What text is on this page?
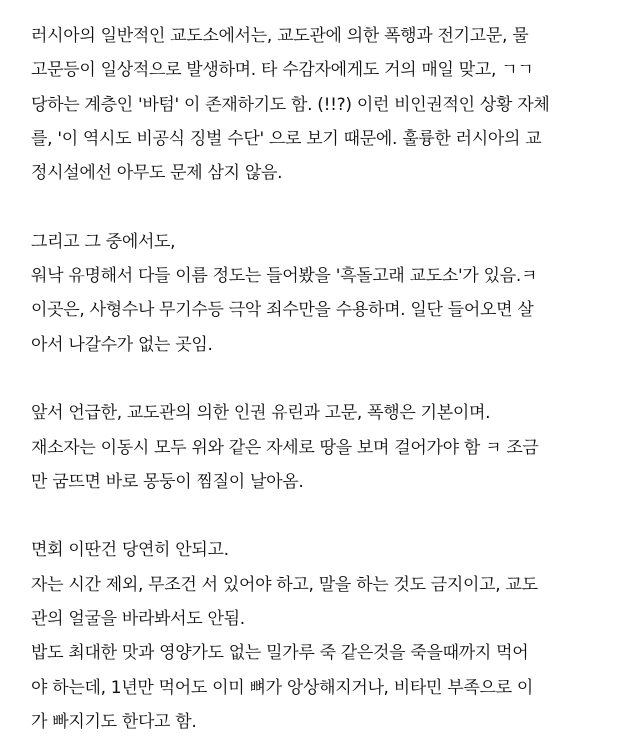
러시아의 일반적인 교도소에서는, 교도관에 의한 폭행과 전기고문, 물
고문등이 일상적으로 발생하며. 타 수감자에게도 거의 매일 맞고, ㄱㄱ
당하는 계층인 '바텀' 이 존재하기도 함. (!!?) 이런 비인권적인 상황 자체
를, '이 역시도 비공식 징벌 수단' 으로 보기 때문에. 훌륭한 러시아의 교
정시설에선 아무도 문제 삼지 않음.
그리고 그 중에서도,
워낙 유명해서 다들 이름 정도는 들어봤을 '흑돌고래 교도소'가 있음.ㅋ
이곳은, 사형수나 무기수등 극악 죄수만을 수용하며. 일단 들어오면 살
아서 나갈수가 없는 곳임.
앞서 언급한, 교도관의 의한 인권 유린과 고문, 폭행은 기본이며.
재소자는 이동시 모두 위와 같은 자세로 땅을 보며 걸어가야 함 ㅋ 조금
만 굼뜨면 바로 몽둥이 찜질이 날아옴.
면회 이딴건 당연히 안되고.
자는 시간 제외, 무조건 서 있어야 하고, 말을 하는 것도 금지이고, 교도
관의 얼굴을 바라봐서도 안됨.
밥도 최대한 맛과 영양가도 없는 밀가루 죽 같은것을 죽을때까지 먹어
야 하는데, 1년만 먹어도 이미 뼈가 앙상해지거나, 비타민 부족으로 이
가 빠지기도 한다고 함.
